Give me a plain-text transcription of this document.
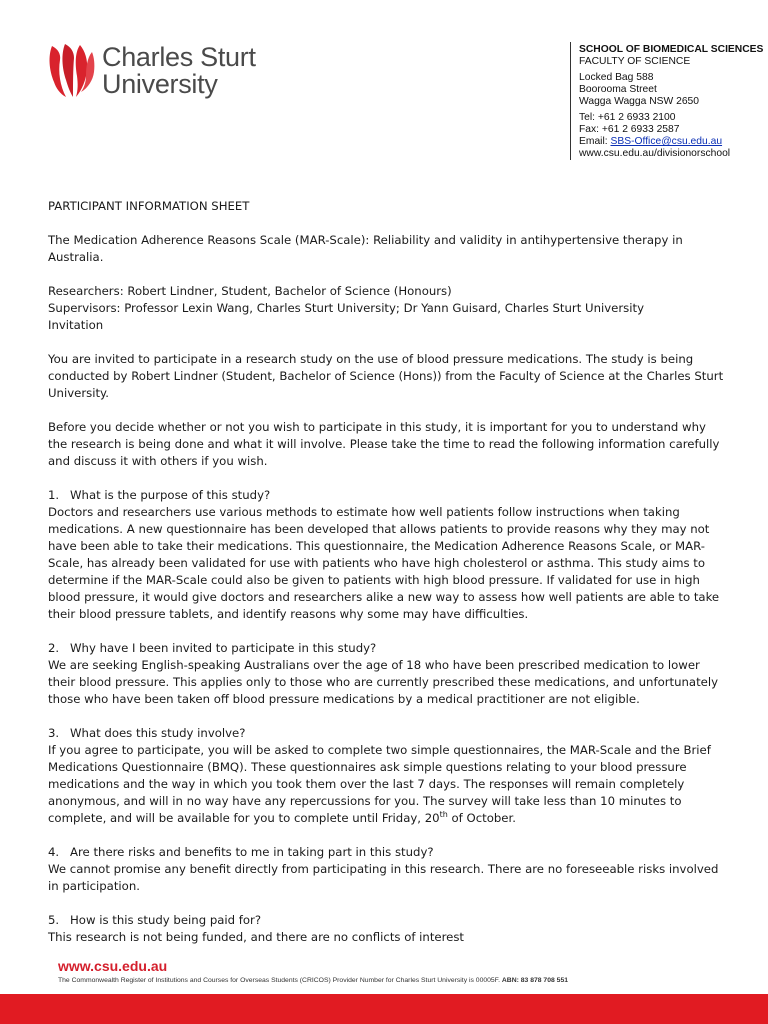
Charles Sturt
University
SCHOOL OF BIOMEDICAL SCIENCES
FACULTY OF SCIENCE
Locked Bag 588
Boorooma Street
Wagga Wagga NSW 2650
Tel: +61 2 6933 2100
Fax: +61 2 6933 2587
Email: SBS-Office@csu.edu.au
www.csu.edu.au/divisionorschool
PARTICIPANT INFORMATION SHEET
The Medication Adherence Reasons Scale (MAR-Scale): Reliability and validity in antihypertensive therapy in Australia.
Researchers: Robert Lindner, Student, Bachelor of Science (Honours)
Supervisors: Professor Lexin Wang, Charles Sturt University; Dr Yann Guisard, Charles Sturt University
Invitation
You are invited to participate in a research study on the use of blood pressure medications. The study is being conducted by Robert Lindner (Student, Bachelor of Science (Hons)) from the Faculty of Science at the Charles Sturt University.
Before you decide whether or not you wish to participate in this study, it is important for you to understand why the research is being done and what it will involve. Please take the time to read the following information carefully and discuss it with others if you wish.
1. What is the purpose of this study?
Doctors and researchers use various methods to estimate how well patients follow instructions when taking medications. A new questionnaire has been developed that allows patients to provide reasons why they may not have been able to take their medications. This questionnaire, the Medication Adherence Reasons Scale, or MAR-Scale, has already been validated for use with patients who have high cholesterol or asthma. This study aims to determine if the MAR-Scale could also be given to patients with high blood pressure. If validated for use in high blood pressure, it would give doctors and researchers alike a new way to assess how well patients are able to take their blood pressure tablets, and identify reasons why some may have difficulties.
2. Why have I been invited to participate in this study?
We are seeking English-speaking Australians over the age of 18 who have been prescribed medication to lower their blood pressure. This applies only to those who are currently prescribed these medications, and unfortunately those who have been taken off blood pressure medications by a medical practitioner are not eligible.
3. What does this study involve?
If you agree to participate, you will be asked to complete two simple questionnaires, the MAR-Scale and the Brief Medications Questionnaire (BMQ). These questionnaires ask simple questions relating to your blood pressure medications and the way in which you took them over the last 7 days. The responses will remain completely anonymous, and will in no way have any repercussions for you. The survey will take less than 10 minutes to complete, and will be available for you to complete until Friday, 20th of October.
4. Are there risks and benefits to me in taking part in this study?
We cannot promise any benefit directly from participating in this research. There are no foreseeable risks involved in participation.
5. How is this study being paid for?
This research is not being funded, and there are no conflicts of interest
www.csu.edu.au
The Commonwealth Register of Institutions and Courses for Overseas Students (CRICOS) Provider Number for Charles Sturt University is 00005F. ABN: 83 878 708 551
